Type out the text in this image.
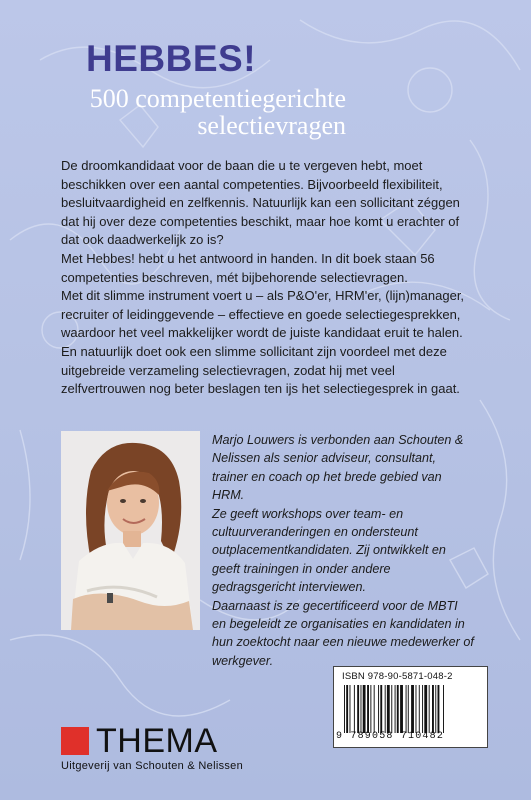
HEBBES!
500 competentiegerichte
selectievragen

De droomkandidaat voor de baan die u te vergeven hebt, moet beschikken over een aantal competenties. Bijvoorbeeld flexibiliteit, besluitvaardigheid en zelfkennis. Natuurlijk kan een sollicitant zéggen dat hij over deze competenties beschikt, maar hoe komt u erachter of dat ook daadwerkelijk zo is?

Met Hebbes! hebt u het antwoord in handen. In dit boek staan 56 competenties beschreven, mét bijbehorende selectievragen.

Met dit slimme instrument voert u – als P&O'er, HRM'er, (lijn)manager, recruiter of leidinggevende – effectieve en goede selectiegesprekken, waardoor het veel makkelijker wordt de juiste kandidaat eruit te halen.

En natuurlijk doet ook een slimme sollicitant zijn voordeel met deze uitgebreide verzameling selectievragen, zodat hij met veel zelfvertrouwen nog beter beslagen ten ijs het selectiegesprek in gaat.

Marjo Louwers is verbonden aan Schouten & Nelissen als senior adviseur, consultant, trainer en coach op het brede gebied van HRM.

Ze geeft workshops over team- en cultuurveranderingen en ondersteunt outplacementkandidaten. Zij ontwikkelt en geeft trainingen in onder andere gedragsgericht interviewen.

Daarnaast is ze gecertificeerd voor de MBTI en begeleidt ze organisaties en kandidaten in hun zoektocht naar een nieuwe medewerker of werkgever.

ISBN 978-90-5871-048-2
9 789058 710482
THEMA
Uitgeverij van Schouten & Nelissen
